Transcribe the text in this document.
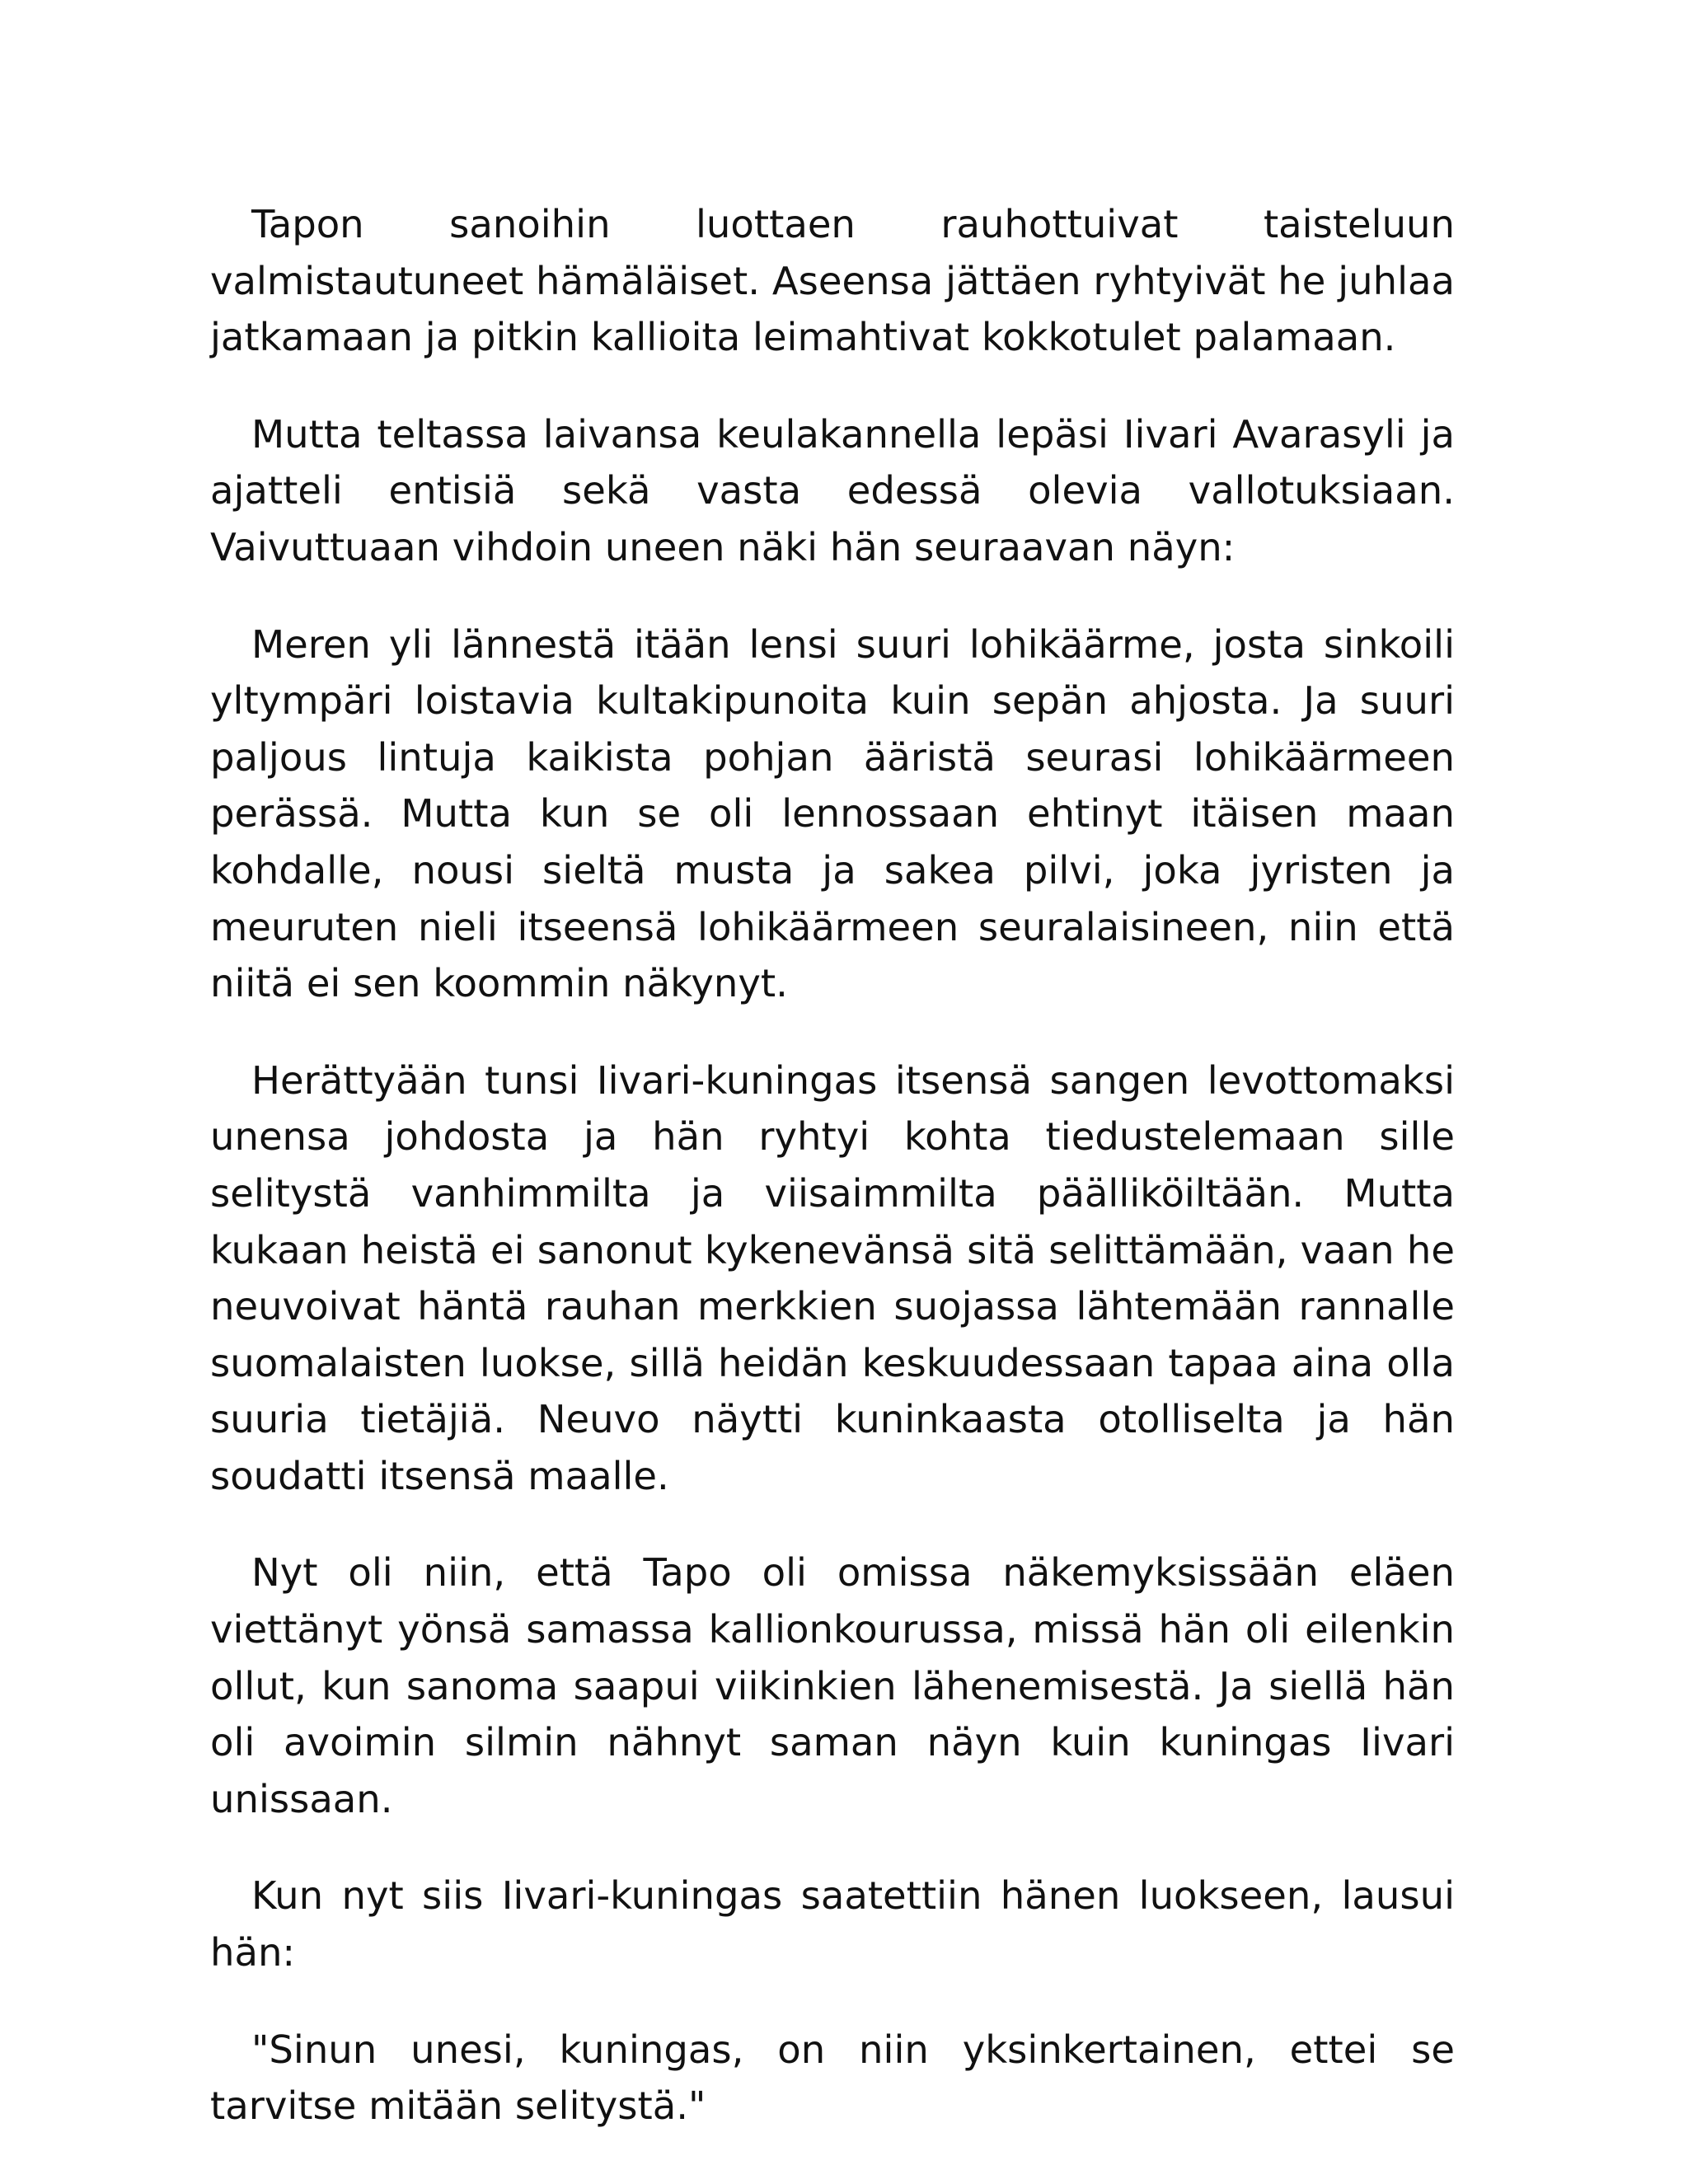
Tapon sanoihin luottaen rauhottuivat taisteluun valmistautuneet hämäläiset. Aseensa jättäen ryhtyivät he juhlaa jatkamaan ja pitkin kallioita leimahtivat kokkotulet palamaan.

Mutta teltassa laivansa keulakannella lepäsi Iivari Avarasyli ja ajatteli entisiä sekä vasta edessä olevia vallotuksiaan. Vaivuttuaan vihdoin uneen näki hän seuraavan näyn:

Meren yli lännestä itään lensi suuri lohikäärme, josta sinkoili yltympäri loistavia kultakipunoita kuin sepän ahjosta. Ja suuri paljous lintuja kaikista pohjan ääristä seurasi lohikäärmeen perässä. Mutta kun se oli lennossaan ehtinyt itäisen maan kohdalle, nousi sieltä musta ja sakea pilvi, joka jyristen ja meuruten nieli itseensä lohikäärmeen seuralaisineen, niin että niitä ei sen koommin näkynyt.

Herättyään tunsi Iivari-kuningas itsensä sangen levottomaksi unensa johdosta ja hän ryhtyi kohta tiedustelemaan sille selitystä vanhimmilta ja viisaimmilta päälliköiltään. Mutta kukaan heistä ei sanonut kykenevänsä sitä selittämään, vaan he neuvoivat häntä rauhan merkkien suojassa lähtemään rannalle suomalaisten luokse, sillä heidän keskuudessaan tapaa aina olla suuria tietäjiä. Neuvo näytti kuninkaasta otolliselta ja hän soudatti itsensä maalle.

Nyt oli niin, että Tapo oli omissa näkemyksissään eläen viettänyt yönsä samassa kallionkourussa, missä hän oli eilenkin ollut, kun sanoma saapui viikinkien lähenemisestä. Ja siellä hän oli avoimin silmin nähnyt saman näyn kuin kuningas Iivari unissaan.

Kun nyt siis Iivari-kuningas saatettiin hänen luokseen, lausui hän:

"Sinun unesi, kuningas, on niin yksinkertainen, ettei se tarvitse mitään selitystä."
